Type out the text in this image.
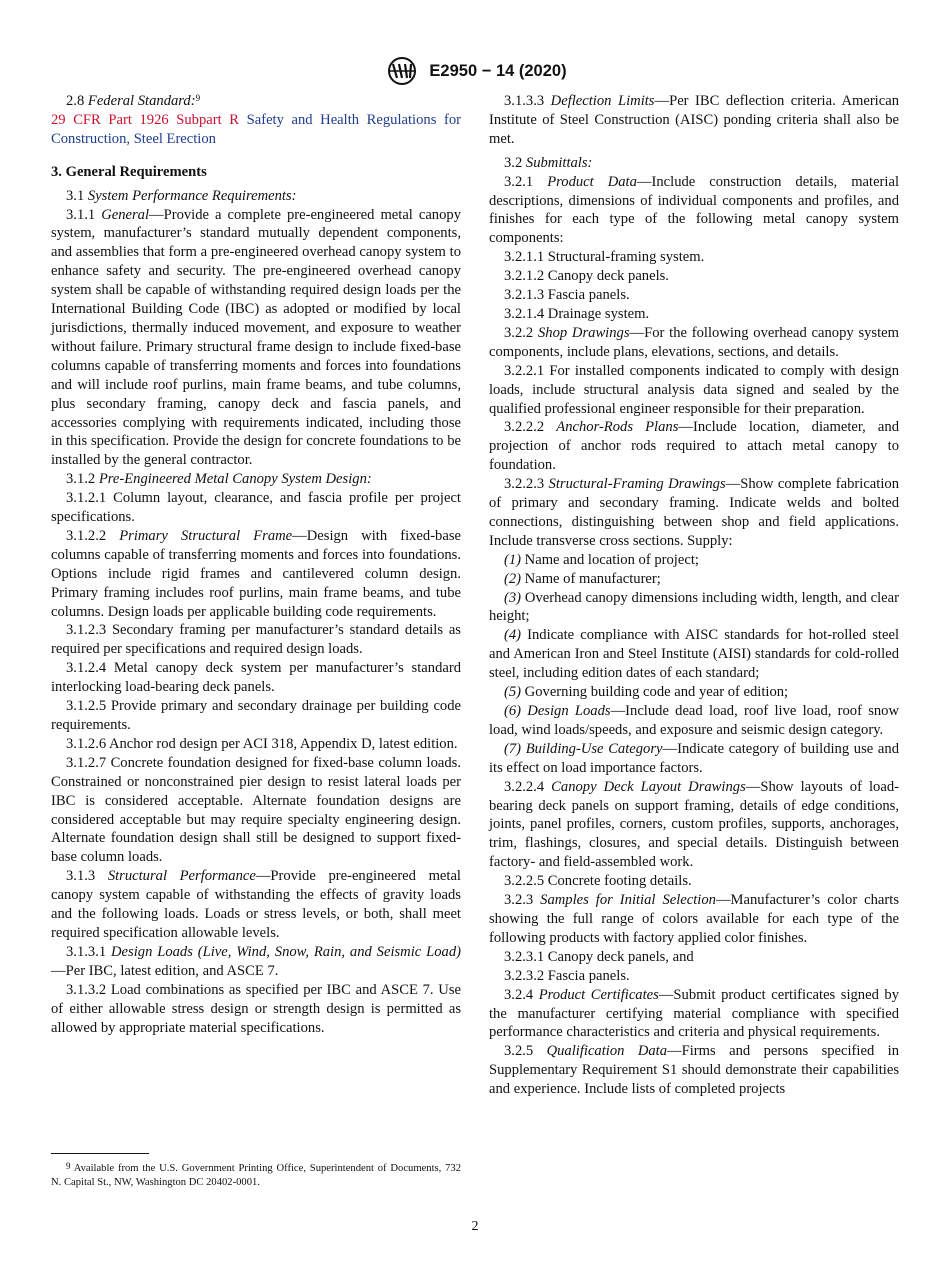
E2950 − 14 (2020)

2.8 Federal Standard:$^9$

29 CFR Part 1926 Subpart R Safety and Health Regulations for Construction, Steel Erection

3. General Requirements

3.1 System Performance Requirements:

3.1.1 General—Provide a complete pre-engineered metal canopy system, manufacturer’s standard mutually dependent components, and assemblies that form a pre-engineered overhead canopy system to enhance safety and security. The pre-engineered overhead canopy system shall be capable of withstanding required design loads per the International Building Code (IBC) as adopted or modified by local jurisdictions, thermally induced movement, and exposure to weather without failure. Primary structural frame design to include fixed-base columns capable of transferring moments and forces into foundations and will include roof purlins, main frame beams, and tube columns, plus secondary framing, canopy deck and fascia panels, and accessories complying with requirements indicated, including those in this specification. Provide the design for concrete foundations to be installed by the general contractor.

3.1.2 Pre-Engineered Metal Canopy System Design:

3.1.2.1 Column layout, clearance, and fascia profile per project specifications.

3.1.2.2 Primary Structural Frame—Design with fixed-base columns capable of transferring moments and forces into foundations. Options include rigid frames and cantilevered column design. Primary framing includes roof purlins, main frame beams, and tube columns. Design loads per applicable building code requirements.

3.1.2.3 Secondary framing per manufacturer’s standard details as required per specifications and required design loads.

3.1.2.4 Metal canopy deck system per manufacturer’s standard interlocking load-bearing deck panels.

3.1.2.5 Provide primary and secondary drainage per building code requirements.

3.1.2.6 Anchor rod design per ACI 318, Appendix D, latest edition.

3.1.2.7 Concrete foundation designed for fixed-base column loads. Constrained or nonconstrained pier design to resist lateral loads per IBC is considered acceptable. Alternate foundation designs are considered acceptable but may require specialty engineering design. Alternate foundation design shall still be designed to support fixed-base column loads.

3.1.3 Structural Performance—Provide pre-engineered metal canopy system capable of withstanding the effects of gravity loads and the following loads. Loads or stress levels, or both, shall meet required specification allowable levels.

3.1.3.1 Design Loads (Live, Wind, Snow, Rain, and Seismic Load)—Per IBC, latest edition, and ASCE 7.

3.1.3.2 Load combinations as specified per IBC and ASCE 7. Use of either allowable stress design or strength design is permitted as allowed by appropriate material specifications.

$^9$ Available from the U.S. Government Printing Office, Superintendent of Documents, 732 N. Capital St., NW, Washington DC 20402-0001.

3.1.3.3 Deflection Limits—Per IBC deflection criteria. American Institute of Steel Construction (AISC) ponding criteria shall also be met.

3.2 Submittals:

3.2.1 Product Data—Include construction details, material descriptions, dimensions of individual components and profiles, and finishes for each type of the following metal canopy system components:

3.2.1.1 Structural-framing system.

3.2.1.2 Canopy deck panels.

3.2.1.3 Fascia panels.

3.2.1.4 Drainage system.

3.2.2 Shop Drawings—For the following overhead canopy system components, include plans, elevations, sections, and details.

3.2.2.1 For installed components indicated to comply with design loads, include structural analysis data signed and sealed by the qualified professional engineer responsible for their preparation.

3.2.2.2 Anchor-Rods Plans—Include location, diameter, and projection of anchor rods required to attach metal canopy to foundation.

3.2.2.3 Structural-Framing Drawings—Show complete fabrication of primary and secondary framing. Indicate welds and bolted connections, distinguishing between shop and field applications. Include transverse cross sections. Supply:

(1) Name and location of project;

(2) Name of manufacturer;

(3) Overhead canopy dimensions including width, length, and clear height;

(4) Indicate compliance with AISC standards for hot-rolled steel and American Iron and Steel Institute (AISI) standards for cold-rolled steel, including edition dates of each standard;

(5) Governing building code and year of edition;

(6) Design Loads—Include dead load, roof live load, roof snow load, wind loads/speeds, and exposure and seismic design category.

(7) Building-Use Category—Indicate category of building use and its effect on load importance factors.

3.2.2.4 Canopy Deck Layout Drawings—Show layouts of load-bearing deck panels on support framing, details of edge conditions, joints, panel profiles, corners, custom profiles, supports, anchorages, trim, flashings, closures, and special details. Distinguish between factory- and field-assembled work.

3.2.2.5 Concrete footing details.

3.2.3 Samples for Initial Selection—Manufacturer’s color charts showing the full range of colors available for each type of the following products with factory applied color finishes.

3.2.3.1 Canopy deck panels, and

3.2.3.2 Fascia panels.

3.2.4 Product Certificates—Submit product certificates signed by the manufacturer certifying material compliance with specified performance characteristics and criteria and physical requirements.

3.2.5 Qualification Data—Firms and persons specified in Supplementary Requirement S1 should demonstrate their capabilities and experience. Include lists of completed projects

2
